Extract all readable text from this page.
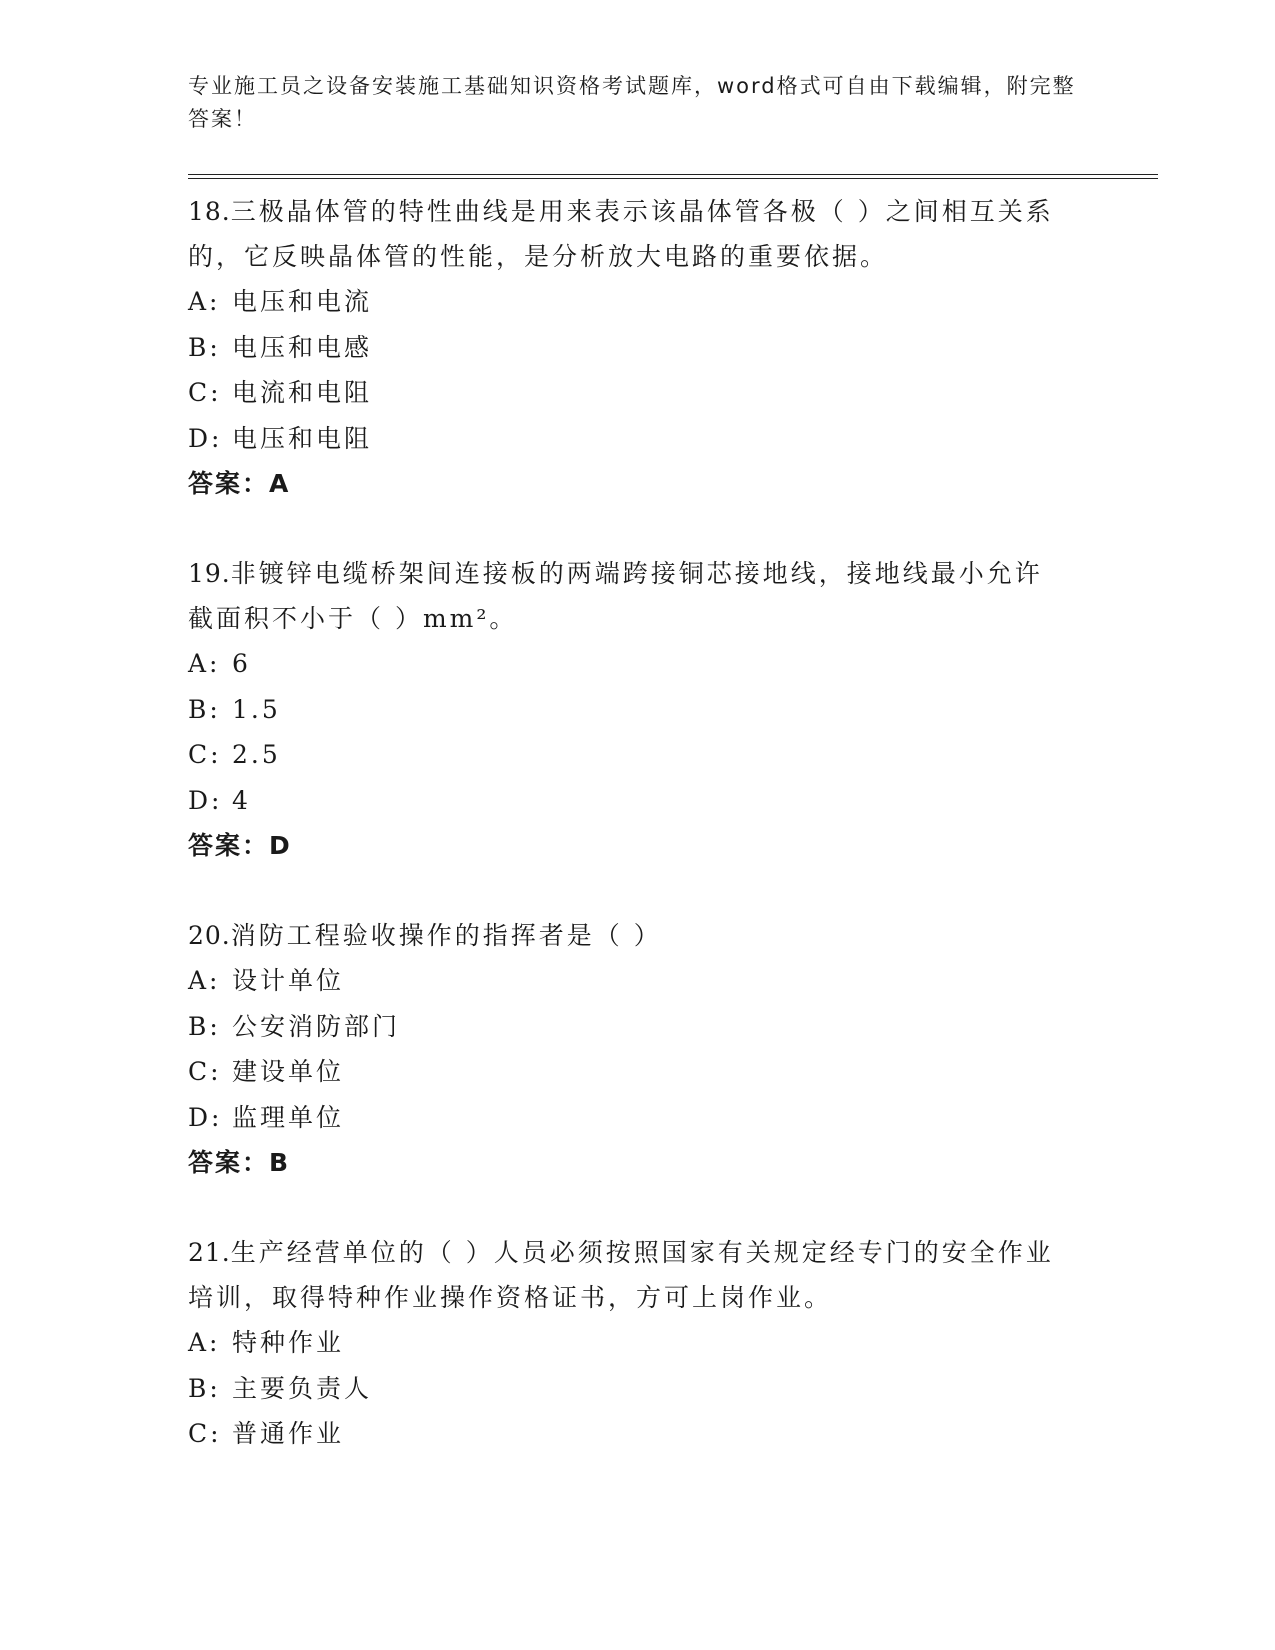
专业施工员之设备安装施工基础知识资格考试题库，word格式可自由下载编辑，附完整答案！

18.三极晶体管的特性曲线是用来表示该晶体管各极（ ）之间相互关系的，它反映晶体管的性能，是分析放大电路的重要依据。

A: 电压和电流
B: 电压和电感
C: 电流和电阻
D: 电压和电阻
答案：A

19.非镀锌电缆桥架间连接板的两端跨接铜芯接地线，接地线最小允许截面积不小于（ ）mm²。

A: 6
B: 1.5
C: 2.5
D: 4
答案：D

20.消防工程验收操作的指挥者是（ ）

A: 设计单位
B: 公安消防部门
C: 建设单位
D: 监理单位
答案：B

21.生产经营单位的（ ）人员必须按照国家有关规定经专门的安全作业培训，取得特种作业操作资格证书，方可上岗作业。

A: 特种作业
B: 主要负责人
C: 普通作业
